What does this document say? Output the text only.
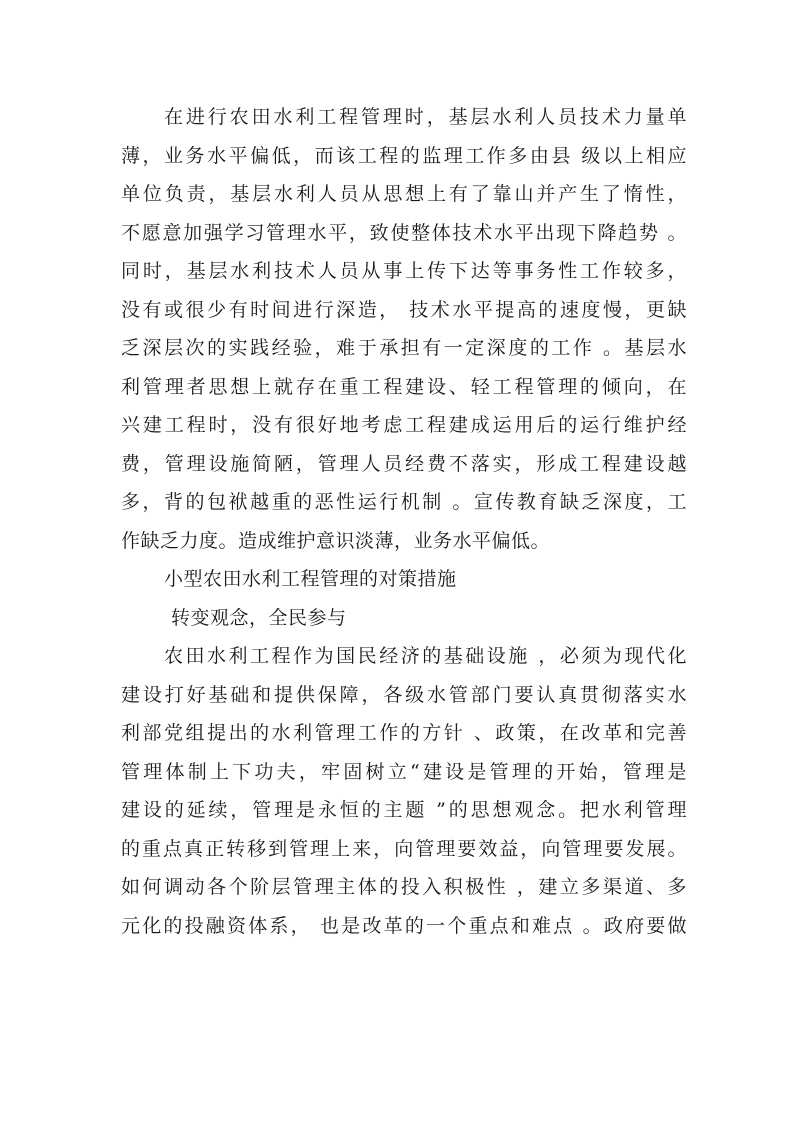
在进行农田水利工程管理时，基层水利人员技术力量单
薄，业务水平偏低，而该工程的监理工作多由县 级以上相应
单位负责，基层水利人员从思想上有了靠山并产生了惰性，
不愿意加强学习管理水平，致使整体技术水平出现下降趋势 。
同时，基层水利技术人员从事上传下达等事务性工作较多，
没有或很少有时间进行深造， 技术水平提高的速度慢，更缺
乏深层次的实践经验，难于承担有一定深度的工作 。基层水
利管理者思想上就存在重工程建设、轻工程管理的倾向，在
兴建工程时，没有很好地考虑工程建成运用后的运行维护经
费，管理设施简陋，管理人员经费不落实，形成工程建设越
多，背的包袱越重的恶性运行机制 。宣传教育缺乏深度，工
作缺乏力度。造成维护意识淡薄，业务水平偏低。
小型农田水利工程管理的对策措施
转变观念，全民参与
农田水利工程作为国民经济的基础设施 ，必须为现代化
建设打好基础和提供保障，各级水管部门要认真贯彻落实水
利部党组提出的水利管理工作的方针 、政策，在改革和完善
管理体制上下功夫，牢固树立“建设是管理的开始，管理是
建设的延续，管理是永恒的主题 ”的思想观念。把水利管理
的重点真正转移到管理上来，向管理要效益，向管理要发展。
如何调动各个阶层管理主体的投入积极性 ，建立多渠道、多
元化的投融资体系， 也是改革的一个重点和难点 。政府要做
